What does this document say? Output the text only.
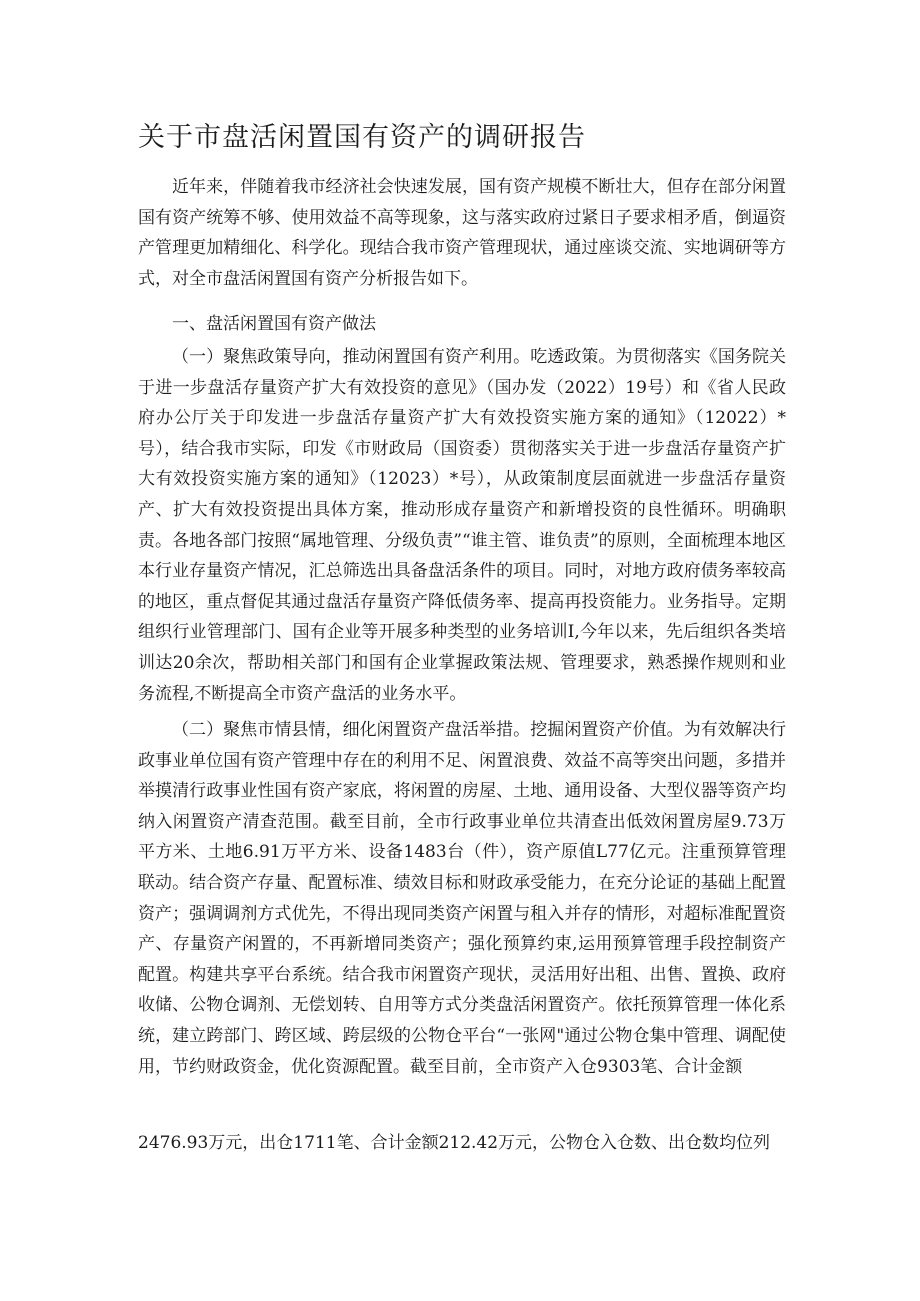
关于市盘活闲置国有资产的调研报告

近年来，伴随着我市经济社会快速发展，国有资产规模不断壮大，但存在部分闲置国有资产统筹不够、使用效益不高等现象，这与落实政府过紧日子要求相矛盾，倒逼资产管理更加精细化、科学化。现结合我市资产管理现状，通过座谈交流、实地调研等方式，对全市盘活闲置国有资产分析报告如下。

一、盘活闲置国有资产做法

（一）聚焦政策导向，推动闲置国有资产利用。吃透政策。为贯彻落实《国务院关于进一步盘活存量资产扩大有效投资的意见》（国办发（2022）19号）和《省人民政府办公厅关于印发进一步盘活存量资产扩大有效投资实施方案的通知》（12022）*号），结合我市实际，印发《市财政局（国资委）贯彻落实关于进一步盘活存量资产扩大有效投资实施方案的通知》（12023）*号），从政策制度层面就进一步盘活存量资产、扩大有效投资提出具体方案，推动形成存量资产和新增投资的良性循环。明确职责。各地各部门按照“属地管理、分级负责”“谁主管、谁负责”的原则，全面梳理本地区本行业存量资产情况，汇总筛选出具备盘活条件的项目。同时，对地方政府债务率较高的地区，重点督促其通过盘活存量资产降低债务率、提高再投资能力。业务指导。定期组织行业管理部门、国有企业等开展多种类型的业务培训I,今年以来，先后组织各类培训达20余次，帮助相关部门和国有企业掌握政策法规、管理要求，熟悉操作规则和业务流程,不断提高全市资产盘活的业务水平。

（二）聚焦市情县情，细化闲置资产盘活举措。挖掘闲置资产价值。为有效解决行政事业单位国有资产管理中存在的利用不足、闲置浪费、效益不高等突出问题，多措并举摸清行政事业性国有资产家底，将闲置的房屋、土地、通用设备、大型仪器等资产均纳入闲置资产清查范围。截至目前，全市行政事业单位共清查出低效闲置房屋9.73万平方米、土地6.91万平方米、设备1483台（件），资产原值L77亿元。注重预算管理联动。结合资产存量、配置标准、绩效目标和财政承受能力，在充分论证的基础上配置资产；强调调剂方式优先，不得出现同类资产闲置与租入并存的情形，对超标准配置资产、存量资产闲置的，不再新增同类资产；强化预算约束,运用预算管理手段控制资产配置。构建共享平台系统。结合我市闲置资产现状，灵活用好出租、出售、置换、政府收储、公物仓调剂、无偿划转、自用等方式分类盘活闲置资产。依托预算管理一体化系统，建立跨部门、跨区域、跨层级的公物仓平台“一张网"通过公物仓集中管理、调配使用，节约财政资金，优化资源配置。截至目前，全市资产入仓9303笔、合计金额

2476.93万元，出仓1711笔、合计金额212.42万元，公物仓入仓数、出仓数均位列
